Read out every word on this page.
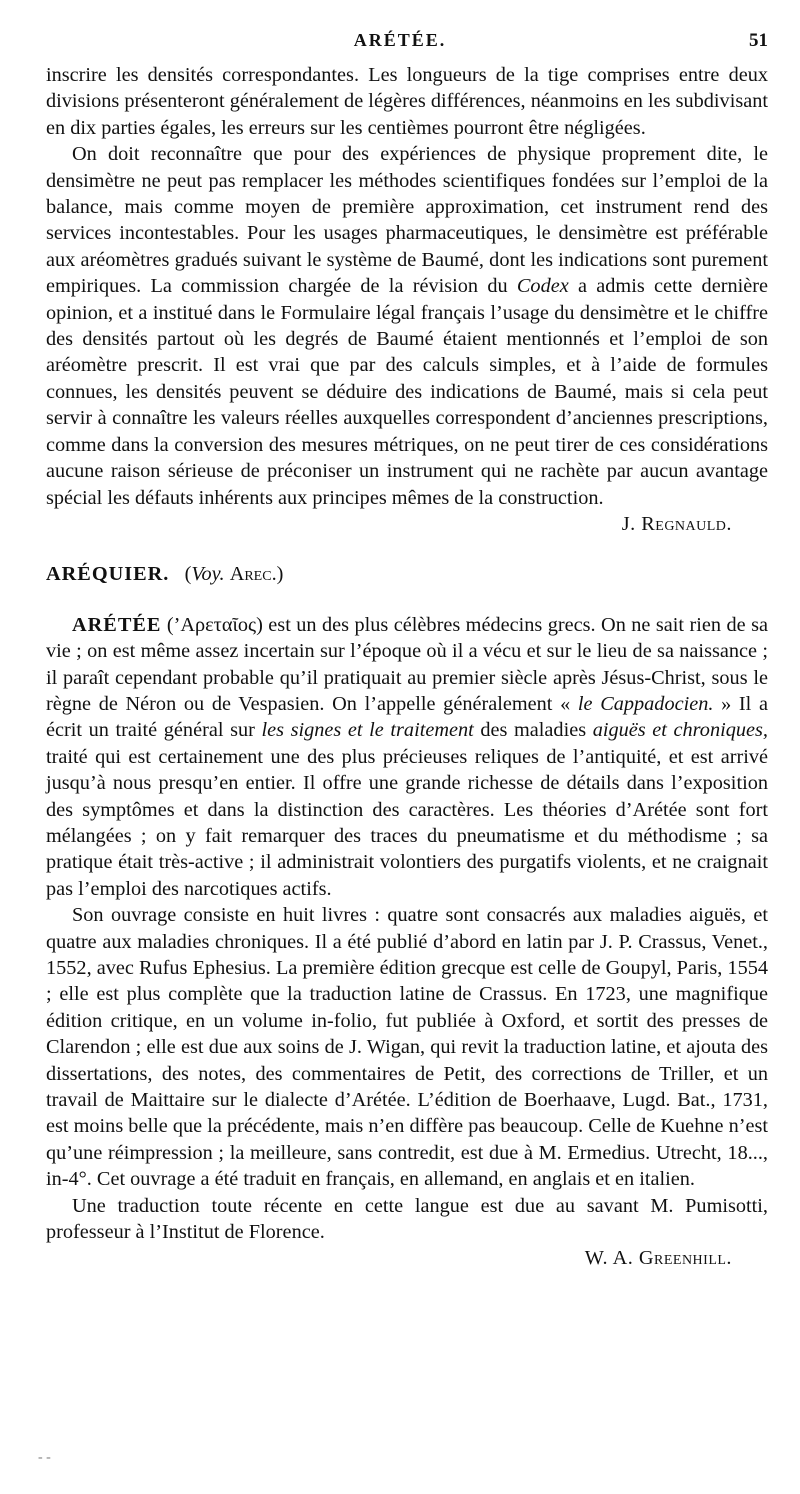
ARÉTÉE.	51

inscrire les densités correspondantes. Les longueurs de la tige comprises entre deux divisions présenteront généralement de légères différences, néanmoins en les subdivisant en dix parties égales, les erreurs sur les centièmes pourront être négligées.

On doit reconnaître que pour des expériences de physique proprement dite, le densimètre ne peut pas remplacer les méthodes scientifiques fondées sur l’emploi de la balance, mais comme moyen de première approximation, cet instrument rend des services incontestables. Pour les usages pharmaceutiques, le densimètre est préférable aux aréomètres gradués suivant le système de Baumé, dont les indications sont purement empiriques. La commission chargée de la révision du Codex a admis cette dernière opinion, et a institué dans le Formulaire légal français l’usage du densimètre et le chiffre des densités partout où les degrés de Baumé étaient mentionnés et l’emploi de son aréomètre prescrit. Il est vrai que par des calculs simples, et à l’aide de formules connues, les densités peuvent se déduire des indications de Baumé, mais si cela peut servir à connaître les valeurs réelles auxquelles correspondent d’anciennes prescriptions, comme dans la conversion des mesures métriques, on ne peut tirer de ces considérations aucune raison sérieuse de préconiser un instrument qui ne rachète par aucun avantage spécial les défauts inhérents aux principes mêmes de la construction.
J. Regnauld.

ARÉQUIER. (Voy. Arec.)

ARÉTÉE (’Αρεταῖος) est un des plus célèbres médecins grecs. On ne sait rien de sa vie ; on est même assez incertain sur l’époque où il a vécu et sur le lieu de sa naissance ; il paraît cependant probable qu’il pratiquait au premier siècle après Jésus-Christ, sous le règne de Néron ou de Vespasien. On l’appelle généralement « le Cappadocien. » Il a écrit un traité général sur les signes et le traitement des maladies aiguës et chroniques, traité qui est certainement une des plus précieuses reliques de l’antiquité, et est arrivé jusqu’à nous presqu’en entier. Il offre une grande richesse de détails dans l’exposition des symptômes et dans la distinction des caractères. Les théories d’Arétée sont fort mélangées ; on y fait remarquer des traces du pneumatisme et du méthodisme ; sa pratique était très-active ; il administrait volontiers des purgatifs violents, et ne craignait pas l’emploi des narcotiques actifs.

Son ouvrage consiste en huit livres : quatre sont consacrés aux maladies aiguës, et quatre aux maladies chroniques. Il a été publié d’abord en latin par J. P. Crassus, Venet., 1552, avec Rufus Ephesius. La première édition grecque est celle de Goupyl, Paris, 1554 ; elle est plus complète que la traduction latine de Crassus. En 1723, une magnifique édition critique, en un volume in-folio, fut publiée à Oxford, et sortit des presses de Clarendon ; elle est due aux soins de J. Wigan, qui revit la traduction latine, et ajouta des dissertations, des notes, des commentaires de Petit, des corrections de Triller, et un travail de Maittaire sur le dialecte d’Arétée. L’édition de Boerhaave, Lugd. Bat., 1731, est moins belle que la précédente, mais n’en diffère pas beaucoup. Celle de Kuehne n’est qu’une réimpression ; la meilleure, sans contredit, est due à M. Ermedius. Utrecht, 18..., in-4°. Cet ouvrage a été traduit en français, en allemand, en anglais et en italien.

Une traduction toute récente en cette langue est due au savant M. Pumisotti, professeur à l’Institut de Florence.
W. A. Greenhill.

- -
